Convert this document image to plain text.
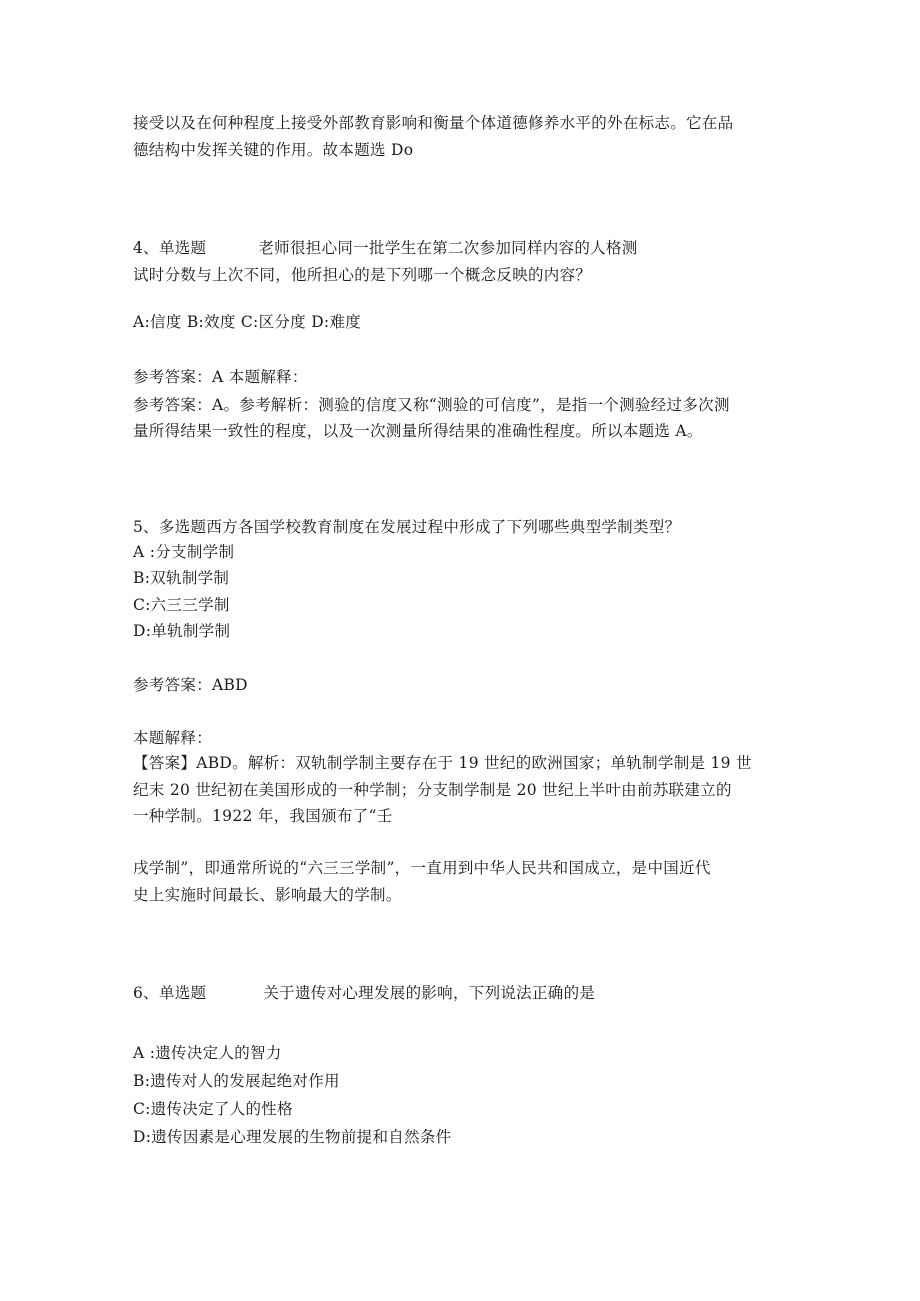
接受以及在何种程度上接受外部教育影响和衡量个体道德修养水平的外在标志。它在品
德结构中发挥关键的作用。故本题选 Do
4、单选题	老师很担心同一批学生在第二次参加同样内容的人格测
试时分数与上次不同，他所担心的是下列哪一个概念反映的内容？
A:信度 B:效度 C:区分度 D:难度
参考答案：A 本题解释：
参考答案：A。参考解析：测验的信度又称“测验的可信度”，是指一个测验经过多次测
量所得结果一致性的程度，以及一次测量所得结果的准确性程度。所以本题选 A。
5、多选题西方各国学校教育制度在发展过程中形成了下列哪些典型学制类型？
A :分支制学制
B:双轨制学制
C:六三三学制
D:单轨制学制
参考答案：ABD
本题解释：
【答案】ABD。解析：双轨制学制主要存在于 19 世纪的欧洲国家；单轨制学制是 19 世
纪末 20 世纪初在美国形成的一种学制；分支制学制是 20 世纪上半叶由前苏联建立的
一种学制。1922 年，我国颁布了“壬
戌学制”，即通常所说的“六三三学制”，一直用到中华人民共和国成立，是中国近代
史上实施时间最长、影响最大的学制。
6、单选题	关于遗传对心理发展的影响，下列说法正确的是
A :遗传决定人的智力
B:遗传对人的发展起绝对作用
C:遗传决定了人的性格
D:遗传因素是心理发展的生物前提和自然条件
